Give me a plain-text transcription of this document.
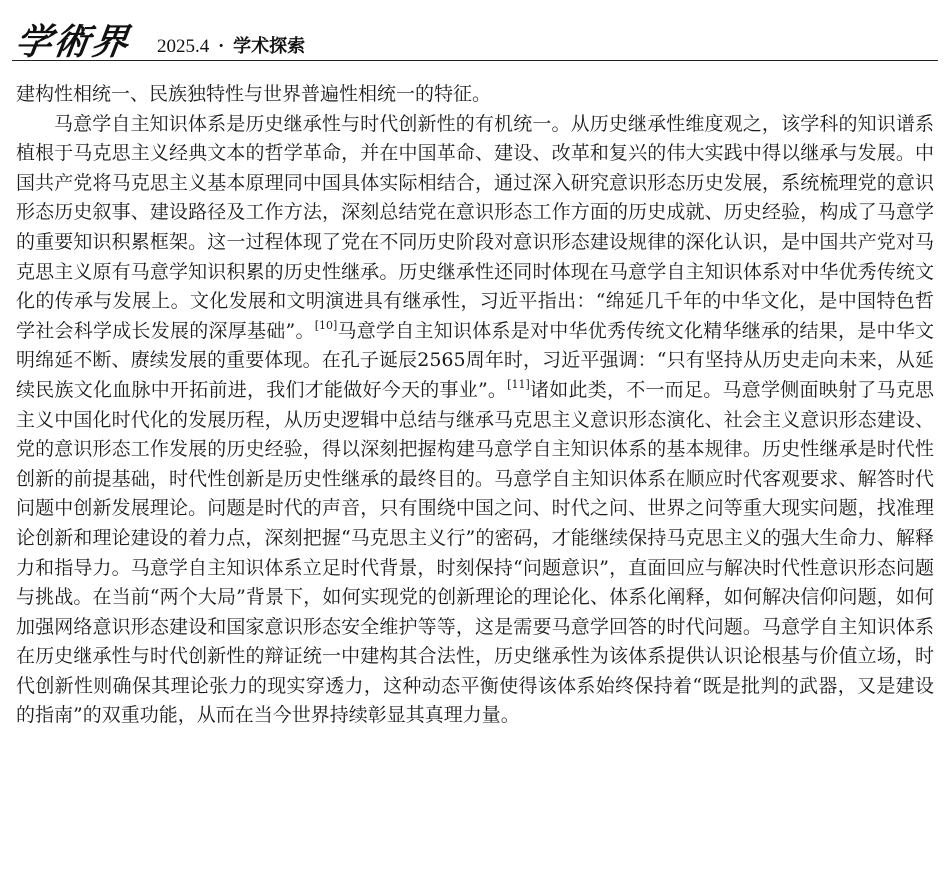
学術界 2025.4 · 学术探索

建构性相统一、民族独特性与世界普遍性相统一的特征。

马意学自主知识体系是历史继承性与时代创新性的有机统一。从历史继承性维度观之，该学科的知识谱系植根于马克思主义经典文本的哲学革命，并在中国革命、建设、改革和复兴的伟大实践中得以继承与发展。中国共产党将马克思主义基本原理同中国具体实际相结合，通过深入研究意识形态历史发展，系统梳理党的意识形态历史叙事、建设路径及工作方法，深刻总结党在意识形态工作方面的历史成就、历史经验，构成了马意学的重要知识积累框架。这一过程体现了党在不同历史阶段对意识形态建设规律的深化认识，是中国共产党对马克思主义原有马意学知识积累的历史性继承。历史继承性还同时体现在马意学自主知识体系对中华优秀传统文化的传承与发展上。文化发展和文明演进具有继承性，习近平指出：“绵延几千年的中华文化，是中国特色哲学社会科学成长发展的深厚基础”。[10]马意学自主知识体系是对中华优秀传统文化精华继承的结果，是中华文明绵延不断、赓续发展的重要体现。在孔子诞辰2565周年时，习近平强调：“只有坚持从历史走向未来，从延续民族文化血脉中开拓前进，我们才能做好今天的事业”。[11]诸如此类，不一而足。马意学侧面映射了马克思主义中国化时代化的发展历程，从历史逻辑中总结与继承马克思主义意识形态演化、社会主义意识形态建设、党的意识形态工作发展的历史经验，得以深刻把握构建马意学自主知识体系的基本规律。历史性继承是时代性创新的前提基础，时代性创新是历史性继承的最终目的。马意学自主知识体系在顺应时代客观要求、解答时代问题中创新发展理论。问题是时代的声音，只有围绕中国之问、时代之问、世界之问等重大现实问题，找准理论创新和理论建设的着力点，深刻把握“马克思主义行”的密码，才能继续保持马克思主义的强大生命力、解释力和指导力。马意学自主知识体系立足时代背景，时刻保持“问题意识”，直面回应与解决时代性意识形态问题与挑战。在当前“两个大局”背景下，如何实现党的创新理论的理论化、体系化阐释，如何解决信仰问题，如何加强网络意识形态建设和国家意识形态安全维护等等，这是需要马意学回答的时代问题。马意学自主知识体系在历史继承性与时代创新性的辩证统一中建构其合法性，历史继承性为该体系提供认识论根基与价值立场，时代创新性则确保其理论张力的现实穿透力，这种动态平衡使得该体系始终保持着“既是批判的武器，又是建设的指南”的双重功能，从而在当今世界持续彰显其真理力量。
